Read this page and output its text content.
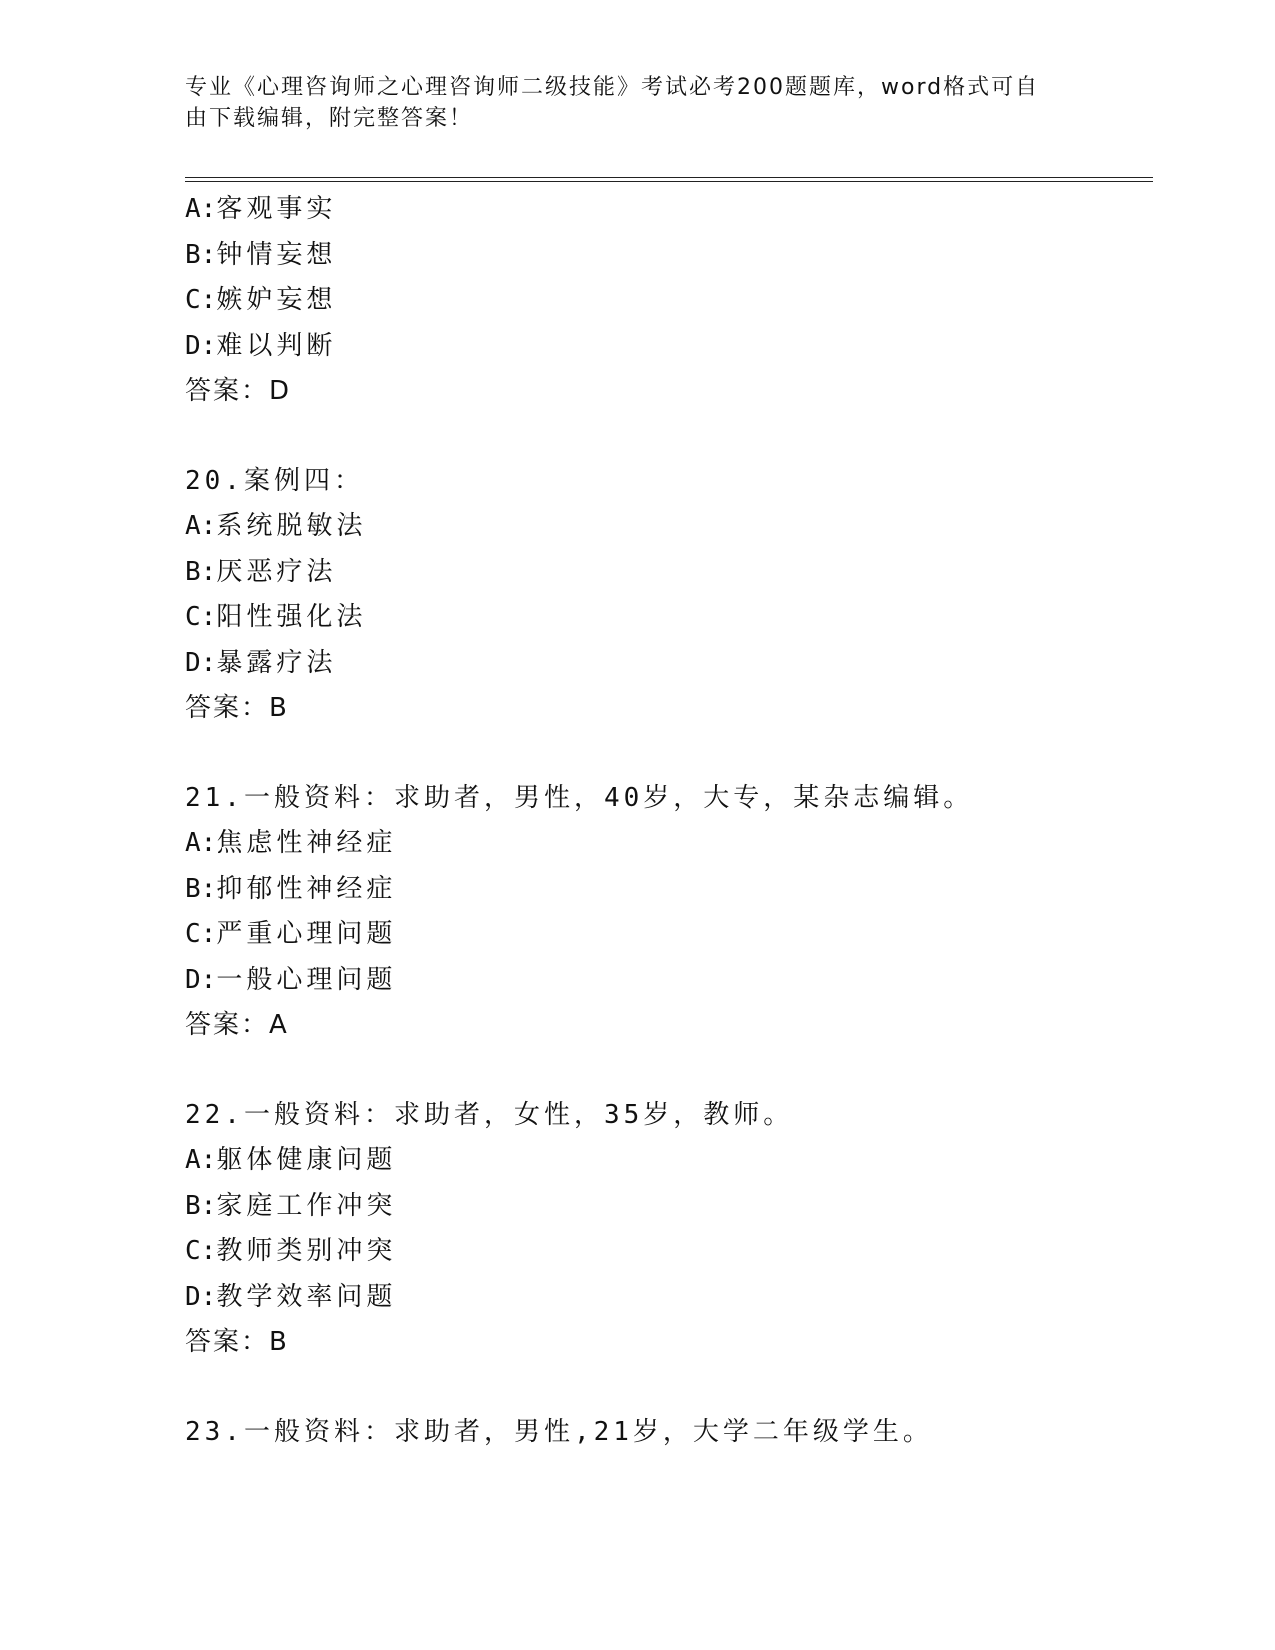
专业《心理咨询师之心理咨询师二级技能》考试必考200题题库，word格式可自
由下载编辑，附完整答案！
A:客观事实
B:钟情妄想
C:嫉妒妄想
D:难以判断
答案：D
20.案例四：
A:系统脱敏法
B:厌恶疗法
C:阳性强化法
D:暴露疗法
答案：B
21.一般资料：求助者，男性，40岁，大专，某杂志编辑。
A:焦虑性神经症
B:抑郁性神经症
C:严重心理问题
D:一般心理问题
答案：A
22.一般资料：求助者，女性，35岁，教师。
A:躯体健康问题
B:家庭工作冲突
C:教师类别冲突
D:教学效率问题
答案：B
23.一般资料：求助者，男性,21岁，大学二年级学生。
